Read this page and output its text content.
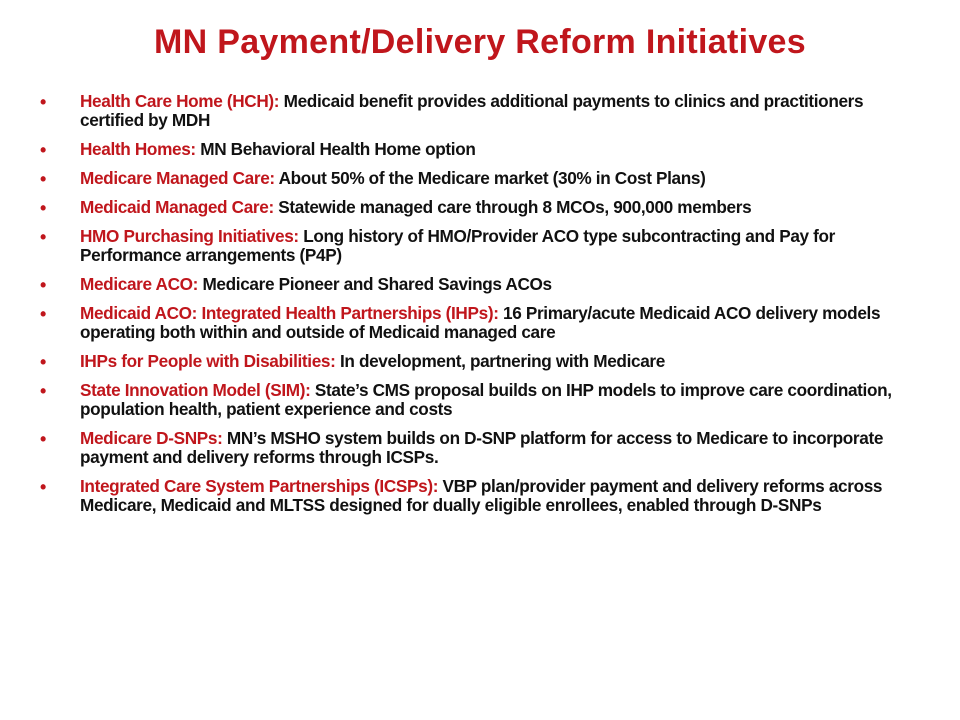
MN Payment/Delivery Reform Initiatives
• Health Care Home (HCH): Medicaid benefit provides additional payments to clinics and practitioners certified by MDH
• Health Homes: MN Behavioral Health Home option
• Medicare Managed Care: About 50% of the Medicare market (30% in Cost Plans)
• Medicaid Managed Care: Statewide managed care through 8 MCOs, 900,000 members
• HMO Purchasing Initiatives: Long history of HMO/Provider ACO type subcontracting and Pay for Performance arrangements (P4P)
• Medicare ACO: Medicare Pioneer and Shared Savings ACOs
• Medicaid ACO: Integrated Health Partnerships (IHPs): 16 Primary/acute Medicaid ACO delivery models operating both within and outside of Medicaid managed care
• IHPs for People with Disabilities: In development, partnering with Medicare
• State Innovation Model (SIM): State’s CMS proposal builds on IHP models to improve care coordination, population health, patient experience and costs
• Medicare D-SNPs: MN’s MSHO system builds on D-SNP platform for access to Medicare to incorporate payment and delivery reforms through ICSPs.
• Integrated Care System Partnerships (ICSPs): VBP plan/provider payment and delivery reforms across Medicare, Medicaid and MLTSS designed for dually eligible enrollees, enabled through D-SNPs
